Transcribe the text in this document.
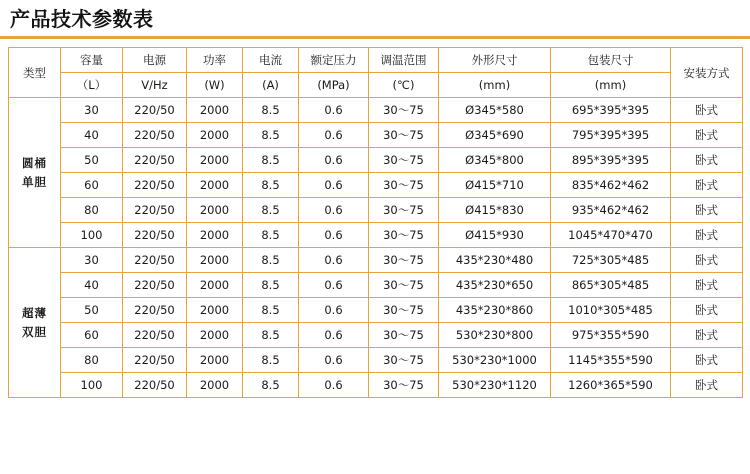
产品技术参数表
类型	容量	电源	功率	电流	额定压力	调温范围	外形尺寸	包装尺寸	安装方式
	（L）	V/Hz	(W)	(A)	(MPa)	(℃)	(mm)	(mm)	
圆桶
单胆	30	220/50	2000	8.5	0.6	30～75	Ø345*580	695*395*395	卧式
	40	220/50	2000	8.5	0.6	30～75	Ø345*690	795*395*395	卧式
	50	220/50	2000	8.5	0.6	30～75	Ø345*800	895*395*395	卧式
	60	220/50	2000	8.5	0.6	30～75	Ø415*710	835*462*462	卧式
	80	220/50	2000	8.5	0.6	30～75	Ø415*830	935*462*462	卧式
	100	220/50	2000	8.5	0.6	30～75	Ø415*930	1045*470*470	卧式
超薄
双胆	30	220/50	2000	8.5	0.6	30～75	435*230*480	725*305*485	卧式
	40	220/50	2000	8.5	0.6	30～75	435*230*650	865*305*485	卧式
	50	220/50	2000	8.5	0.6	30～75	435*230*860	1010*305*485	卧式
	60	220/50	2000	8.5	0.6	30～75	530*230*800	975*355*590	卧式
	80	220/50	2000	8.5	0.6	30～75	530*230*1000	1145*355*590	卧式
	100	220/50	2000	8.5	0.6	30～75	530*230*1120	1260*365*590	卧式
